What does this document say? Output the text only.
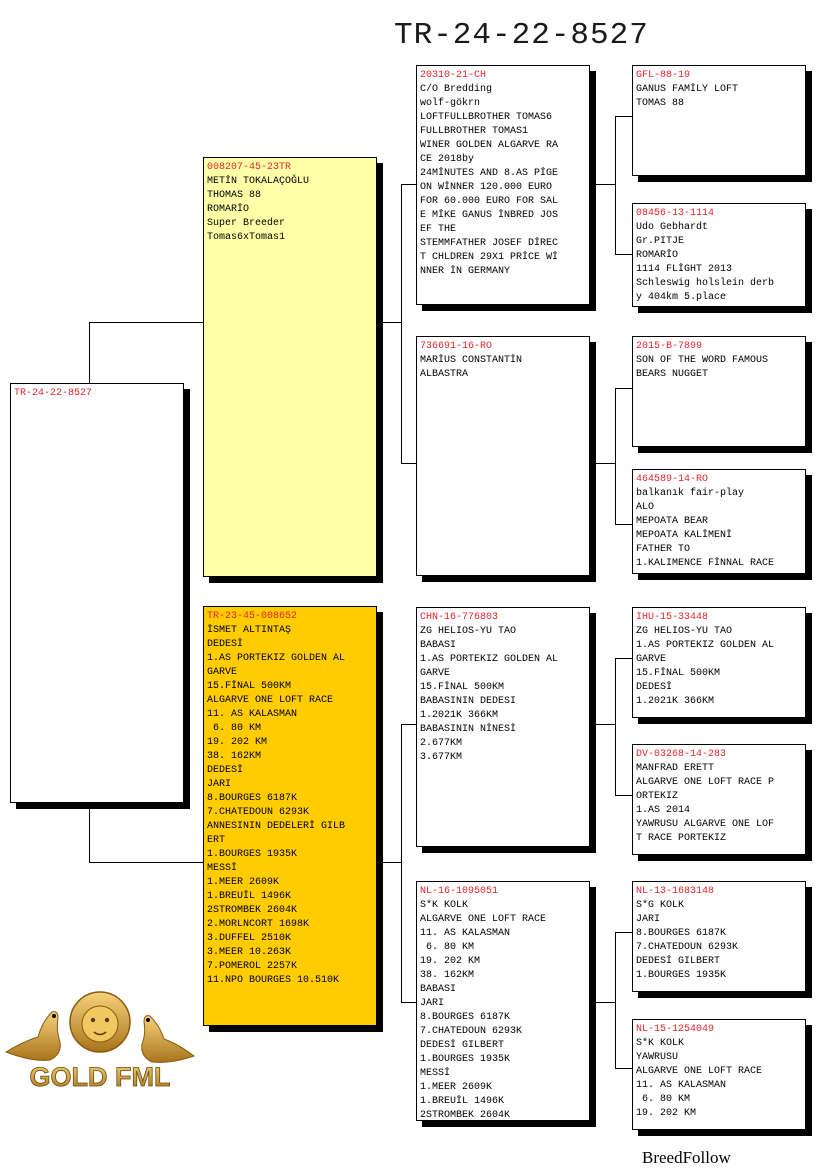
TR-24-22-8527
TR-24-22-8527
008207-45-23TR
METİN TOKALAÇOĞLU
THOMAS 88
ROMARİO
Super Breeder
Tomas6xTomas1
TR-23-45-008652
İSMET ALTINTAŞ
DEDESİ
1.AS PORTEKIZ GOLDEN AL
GARVE
15.FİNAL 500KM
ALGARVE ONE LOFT RACE
11. AS KALASMAN
6. 80 KM
19. 202 KM
38. 162KM
DEDESİ
JARI
8.BOURGES 6187K
7.CHATEDOUN 6293K
ANNESININ DEDELERİ GILB
ERT
1.BOURGES 1935K
MESSİ
1.MEER 2609K
1.BREUİL 1496K
2STROMBEK 2604K
2.MORLNCORT 1698K
3.DUFFEL 2510K
3.MEER 10.263K
7.POMEROL 2257K
11.NPO BOURGES 10.510K
20310-21-CH
C/O Bredding
wolf-gökrn
LOFTFULLBROTHER TOMAS6
FULLBROTHER TOMAS1
WINER GOLDEN ALGARVE RA
CE 2018by
24MİNUTES AND 8.AS PİGE
ON WİNNER 120.000 EURO
FOR 60.000 EURO FOR SAL
E MİKE GANUS İNBRED JOS
EF THE
STEMMFATHER JOSEF DİREC
T CHLDREN 29X1 PRİCE Wİ
NNER İN GERMANY
736691-16-RO
MARİUS CONSTANTİN
ALBASTRA
CHN-16-776803
ZG HELIOS-YU TAO
BABASI
1.AS PORTEKIZ GOLDEN AL
GARVE
15.FİNAL 500KM
BABASININ DEDESI
1.2021K 366KM
BABASININ NİNESİ
2.677KM
3.677KM
NL-16-1095051
S*K KOLK
ALGARVE ONE LOFT RACE
11. AS KALASMAN
6. 80 KM
19. 202 KM
38. 162KM
BABASI
JARI
8.BOURGES 6187K
7.CHATEDOUN 6293K
DEDESİ GILBERT
1.BOURGES 1935K
MESSİ
1.MEER 2609K
1.BREUİL 1496K
2STROMBEK 2604K
GFL-88-19
GANUS FAMİLY LOFT
TOMAS 88
08456-13-1114
Udo Gebhardt
Gr.PITJE
ROMARİO
1114 FLİGHT 2013
Schleswig holslein derb
y 404km 5.place
2015-B-7899
SON OF THE WORD FAMOUS
BEARS NUGGET
464589-14-RO
balkanık fair-play
ALO
MEPOATA BEAR
MEPOATA KALİMENİ
FATHER TO
1.KALIMENCE FİNNAL RACE
IHU-15-33448
ZG HELIOS-YU TAO
1.AS PORTEKIZ GOLDEN AL
GARVE
15.FİNAL 500KM
DEDESİ
1.2021K 366KM
DV-03268-14-283
MANFRAD ERETT
ALGARVE ONE LOFT RACE P
ORTEKIZ
1.AS 2014
YAWRUSU ALGARVE ONE LOF
T RACE PORTEKIZ
NL-13-1683148
S*G KOLK
JARI
8.BOURGES 6187K
7.CHATEDOUN 6293K
DEDESİ GILBERT
1.BOURGES 1935K
NL-15-1254049
S*K KOLK
YAWRUSU
ALGARVE ONE LOFT RACE
11. AS KALASMAN
6. 80 KM
19. 202 KM
GOLD FML
BreedFollow
